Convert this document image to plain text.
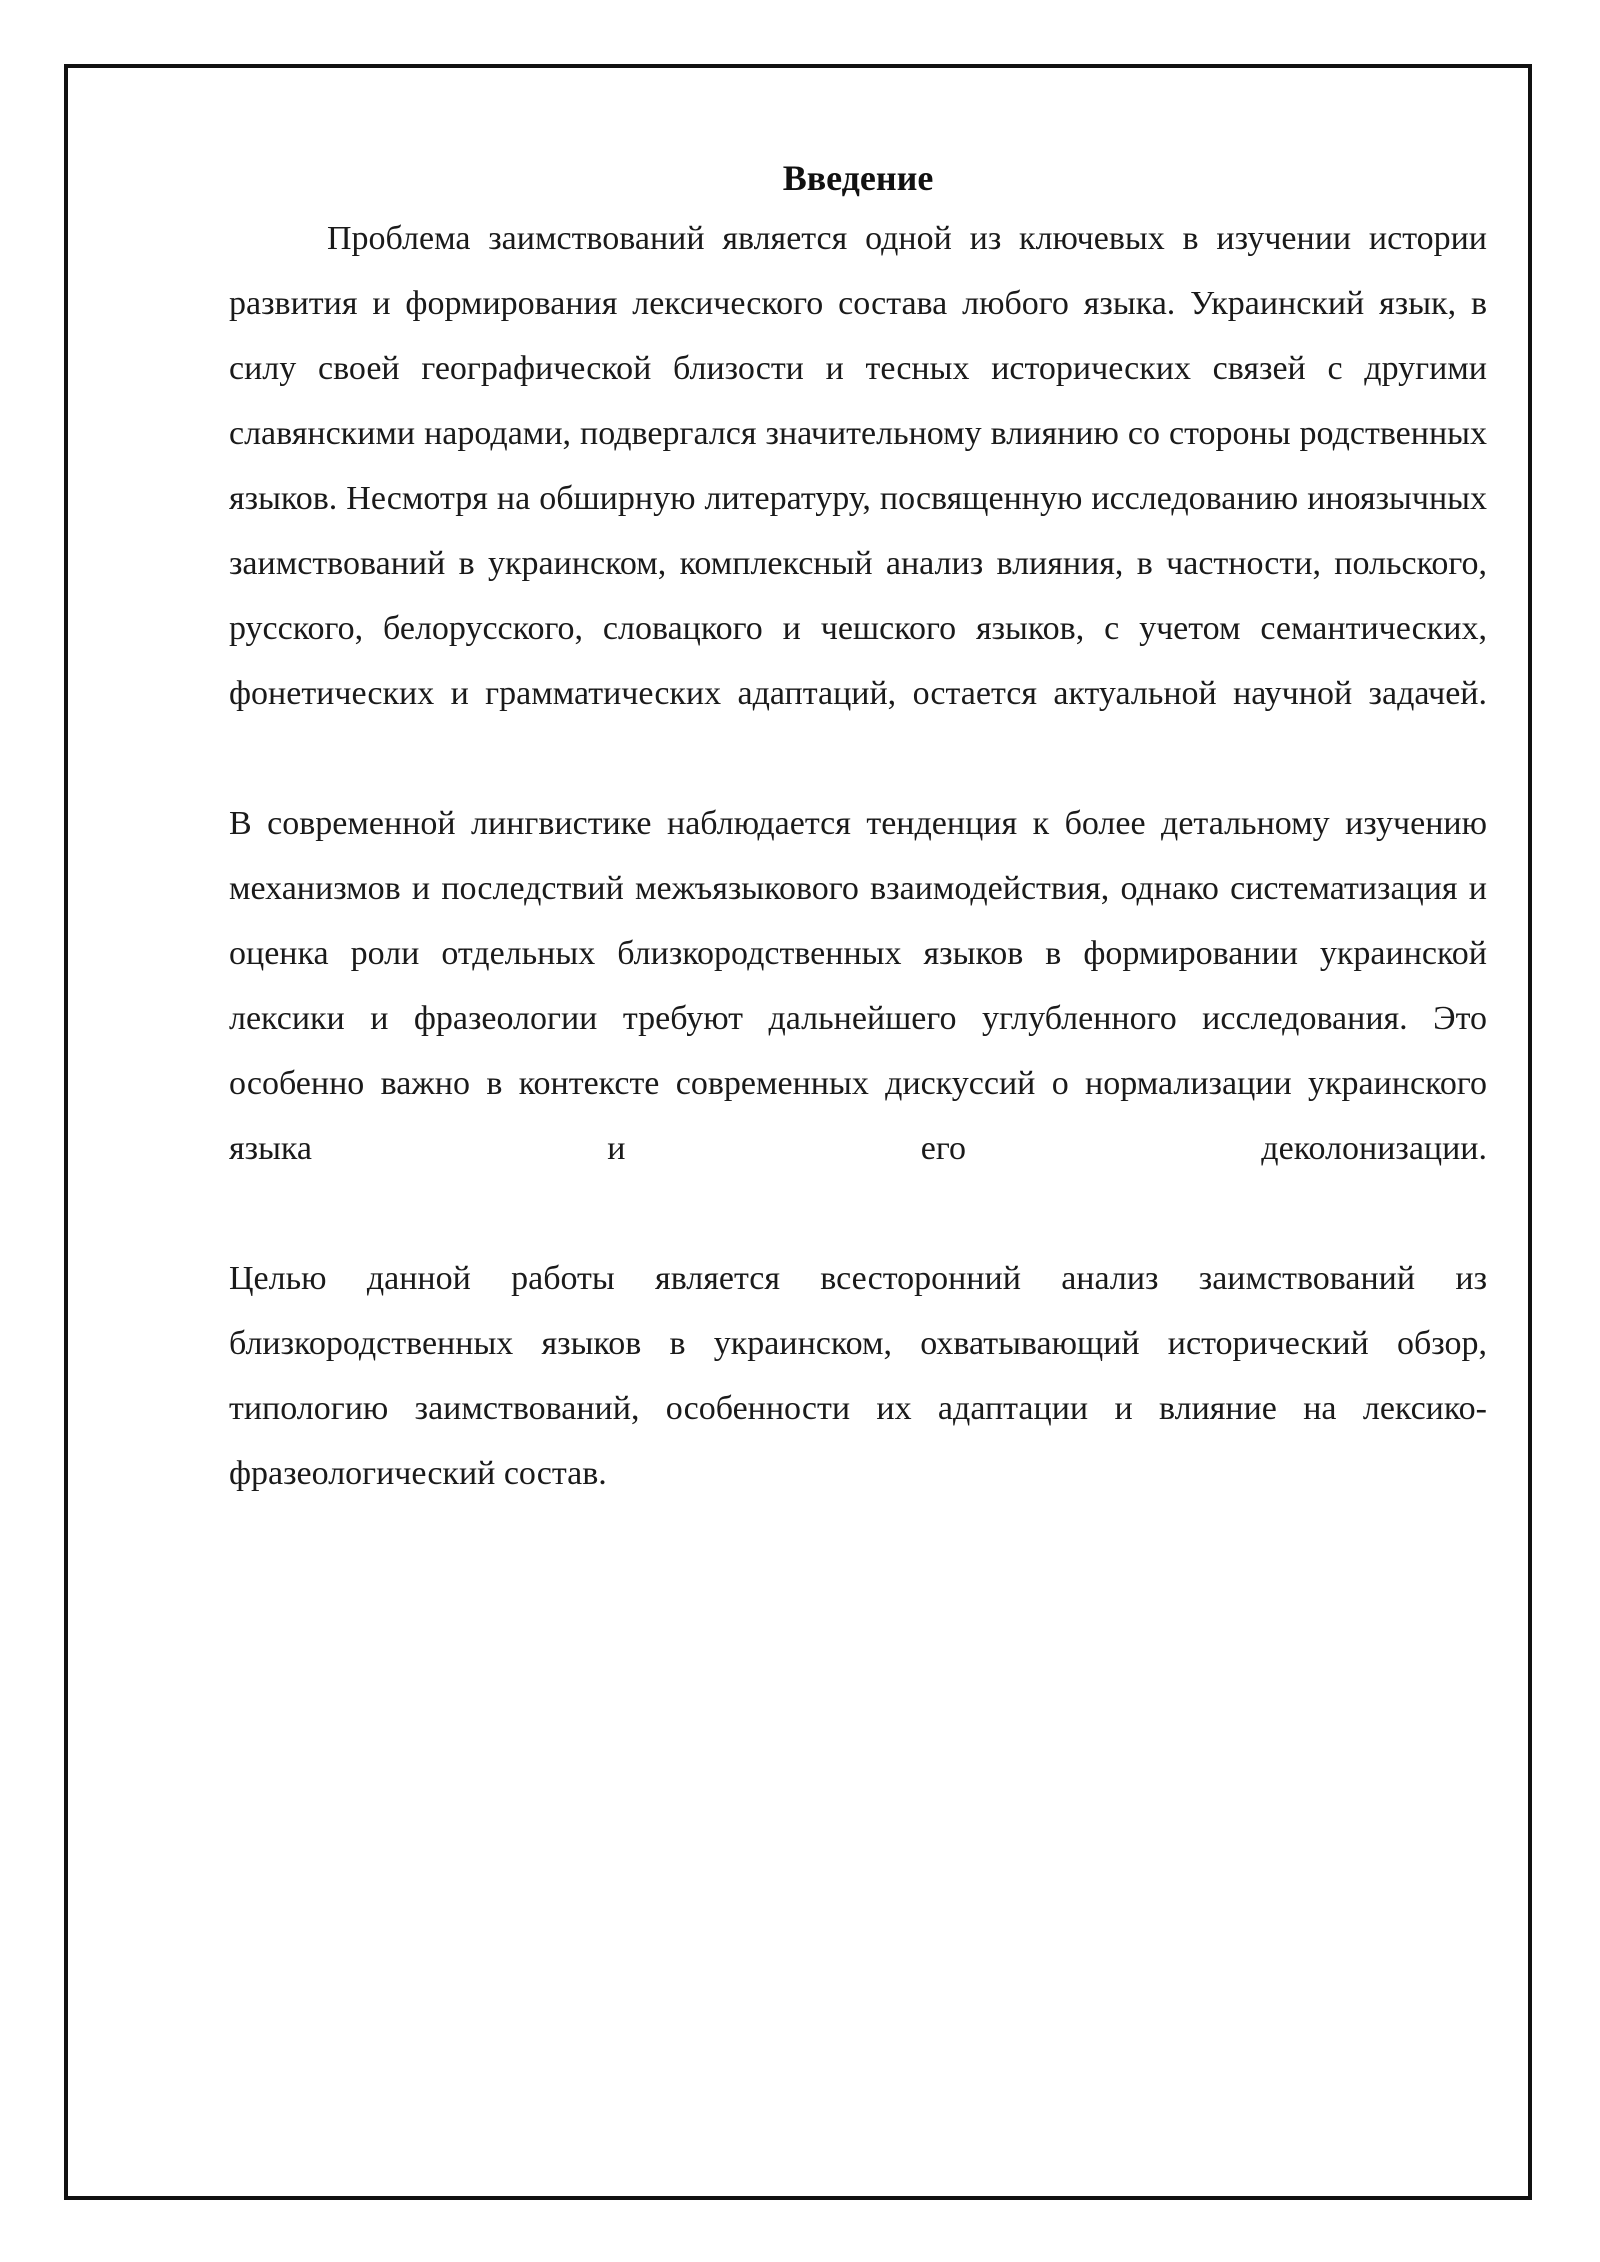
Введение

Проблема заимствований является одной из ключевых в изучении истории развития и формирования лексического состава любого языка. Украинский язык, в силу своей географической близости и тесных исторических связей с другими славянскими народами, подвергался значительному влиянию со стороны родственных языков. Несмотря на обширную литературу, посвященную исследованию иноязычных заимствований в украинском, комплексный анализ влияния, в частности, польского, русского, белорусского, словацкого и чешского языков, с учетом семантических, фонетических и грамматических адаптаций, остается актуальной научной задачей.

В современной лингвистике наблюдается тенденция к более детальному изучению механизмов и последствий межъязыкового взаимодействия, однако систематизация и оценка роли отдельных близкородственных языков в формировании украинской лексики и фразеологии требуют дальнейшего углубленного исследования. Это особенно важно в контексте современных дискуссий о нормализации украинского языка и его деколонизации.

Целью данной работы является всесторонний анализ заимствований из близкородственных языков в украинском, охватывающий исторический обзор, типологию заимствований, особенности их адаптации и влияние на лексико-фразеологический состав.
